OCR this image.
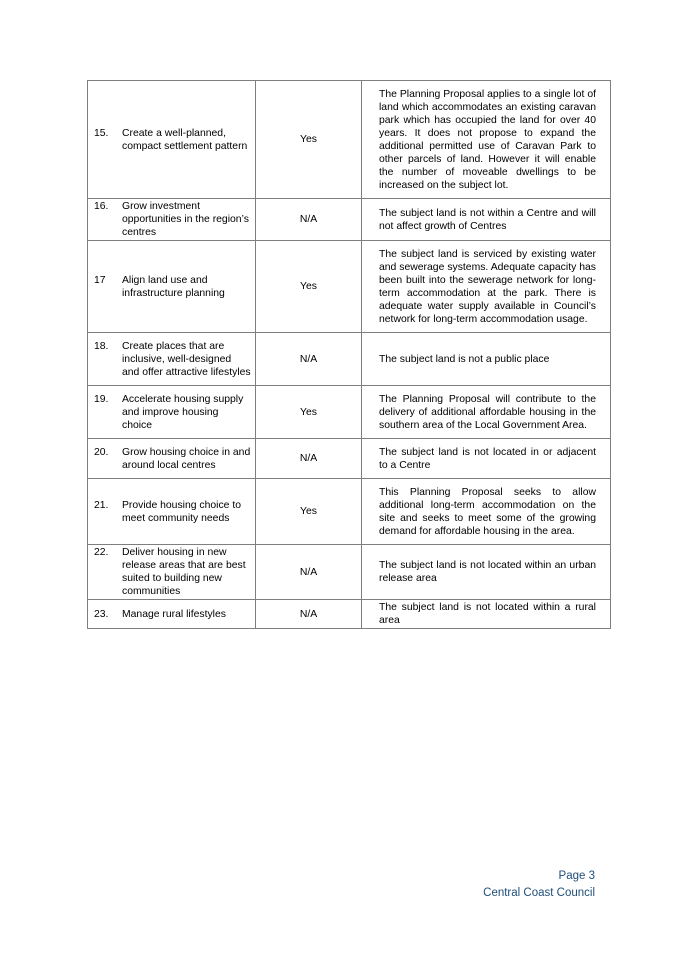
15. Create a well-planned, compact settlement pattern	Yes	The Planning Proposal applies to a single lot of land which accommodates an existing caravan park which has occupied the land for over 40 years. It does not propose to expand the additional permitted use of Caravan Park to other parcels of land. However it will enable the number of moveable dwellings to be increased on the subject lot.

16. Grow investment opportunities in the region’s centres	N/A	The subject land is not within a Centre and will not affect growth of Centres

17 Align land use and infrastructure planning	Yes	The subject land is serviced by existing water and sewerage systems. Adequate capacity has been built into the sewerage network for long-term accommodation at the park. There is adequate water supply available in Council’s network for long-term accommodation usage.

18. Create places that are inclusive, well-designed and offer attractive lifestyles	N/A	The subject land is not a public place

19. Accelerate housing supply and improve housing choice	Yes	The Planning Proposal will contribute to the delivery of additional affordable housing in the southern area of the Local Government Area.

20. Grow housing choice in and around local centres	N/A	The subject land is not located in or adjacent to a Centre

21. Provide housing choice to meet community needs	Yes	This Planning Proposal seeks to allow additional long-term accommodation on the site and seeks to meet some of the growing demand for affordable housing in the area.

22. Deliver housing in new release areas that are best suited to building new communities	N/A	The subject land is not located within an urban release area

23. Manage rural lifestyles	N/A	The subject land is not located within a rural area
Page 3
Central Coast Council
